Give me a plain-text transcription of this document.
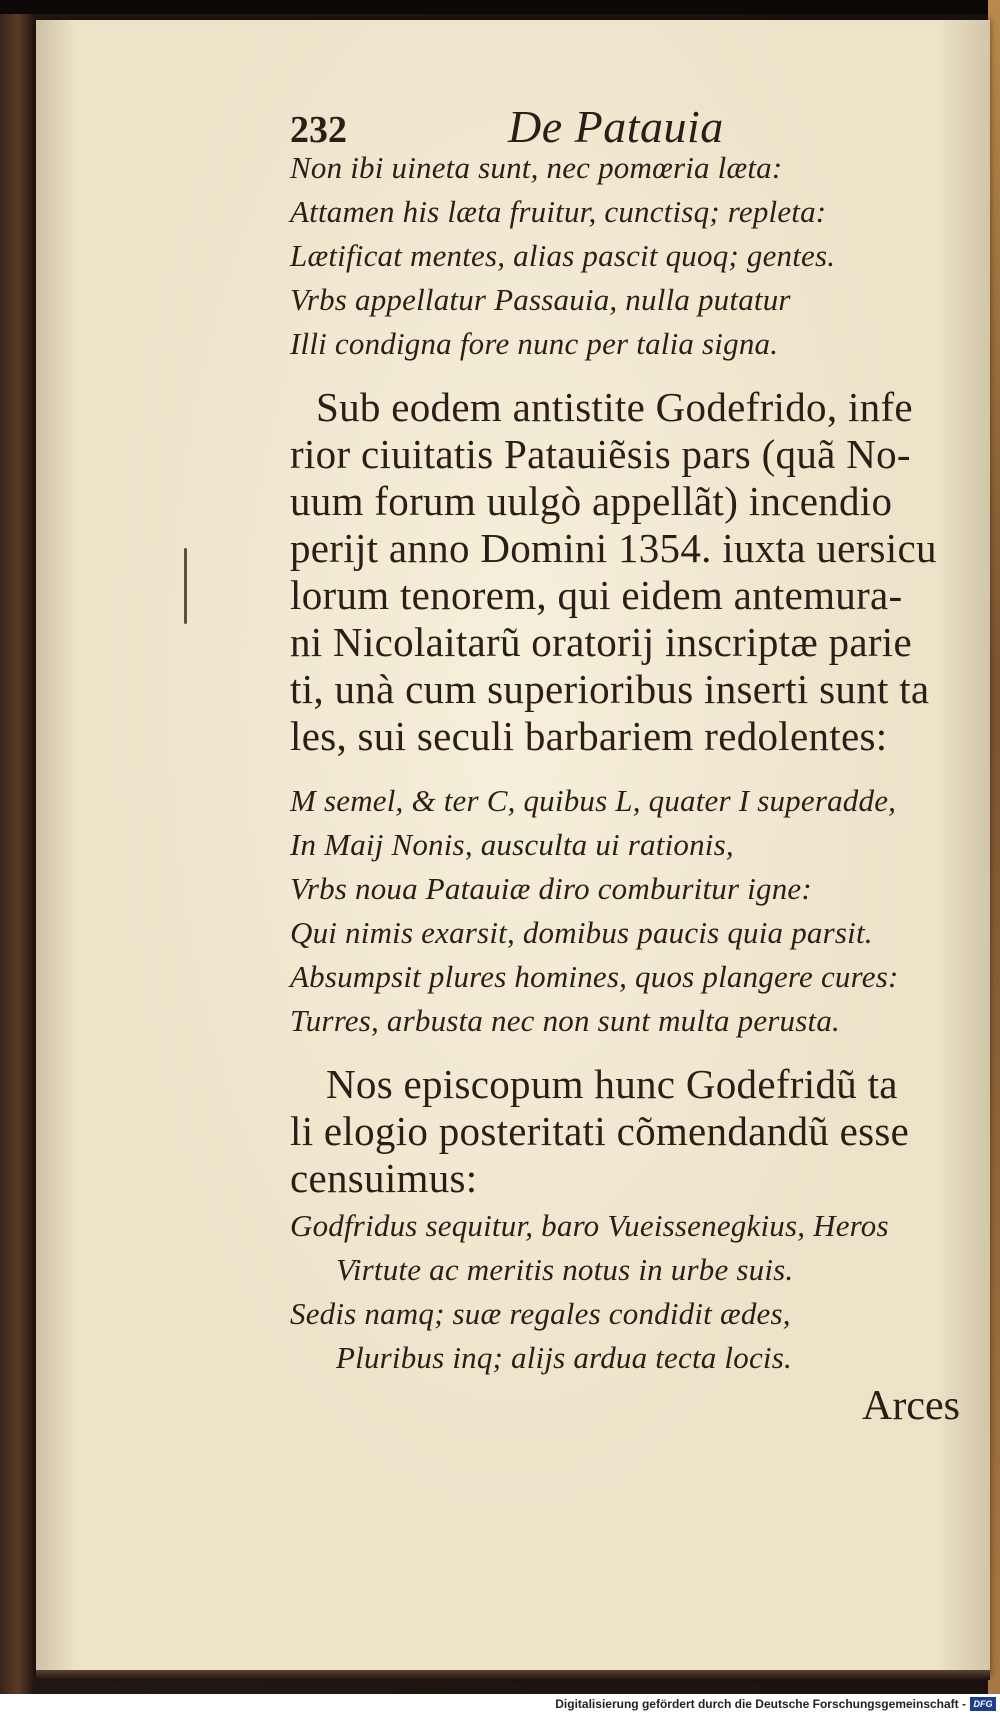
232	De Patauia
Non ibi uineta sunt, nec pomœria læta:
Attamen his læta fruitur, cunctisq; repleta:
Lætificat mentes, alias pascit quoq; gentes.
Vrbs appellatur Passauia, nulla putatur
Illi condigna fore nunc per talia signa.
Sub eodem antistite Godefrido, infe
rior ciuitatis Patauiẽsis pars (quã No-
uum forum uulgò appellãt) incendio
perijt anno Domini 1354. iuxta uersicu
lorum tenorem, qui eidem antemura-
ni Nicolaitarũ oratorij inscriptæ parie
ti, unà cum superioribus inserti sunt ta
les, sui seculi barbariem redolentes:
M semel, & ter C, quibus L, quater I superadde,
In Maij Nonis, ausculta ui rationis,
Vrbs noua Patauiæ diro comburitur igne:
Qui nimis exarsit, domibus paucis quia parsit.
Absumpsit plures homines, quos plangere cures:
Turres, arbusta nec non sunt multa perusta.
Nos episcopum hunc Godefridũ ta
li elogio posteritati cõmendandũ esse
censuimus:
Godfridus sequitur, baro Vueissenegkius, Heros
Virtute ac meritis notus in urbe suis.
Sedis namq; suæ regales condidit ædes,
Pluribus inq; alijs ardua tecta locis.
Arces
Digitalisierung gefördert durch die Deutsche Forschungsgemeinschaft - DFG
